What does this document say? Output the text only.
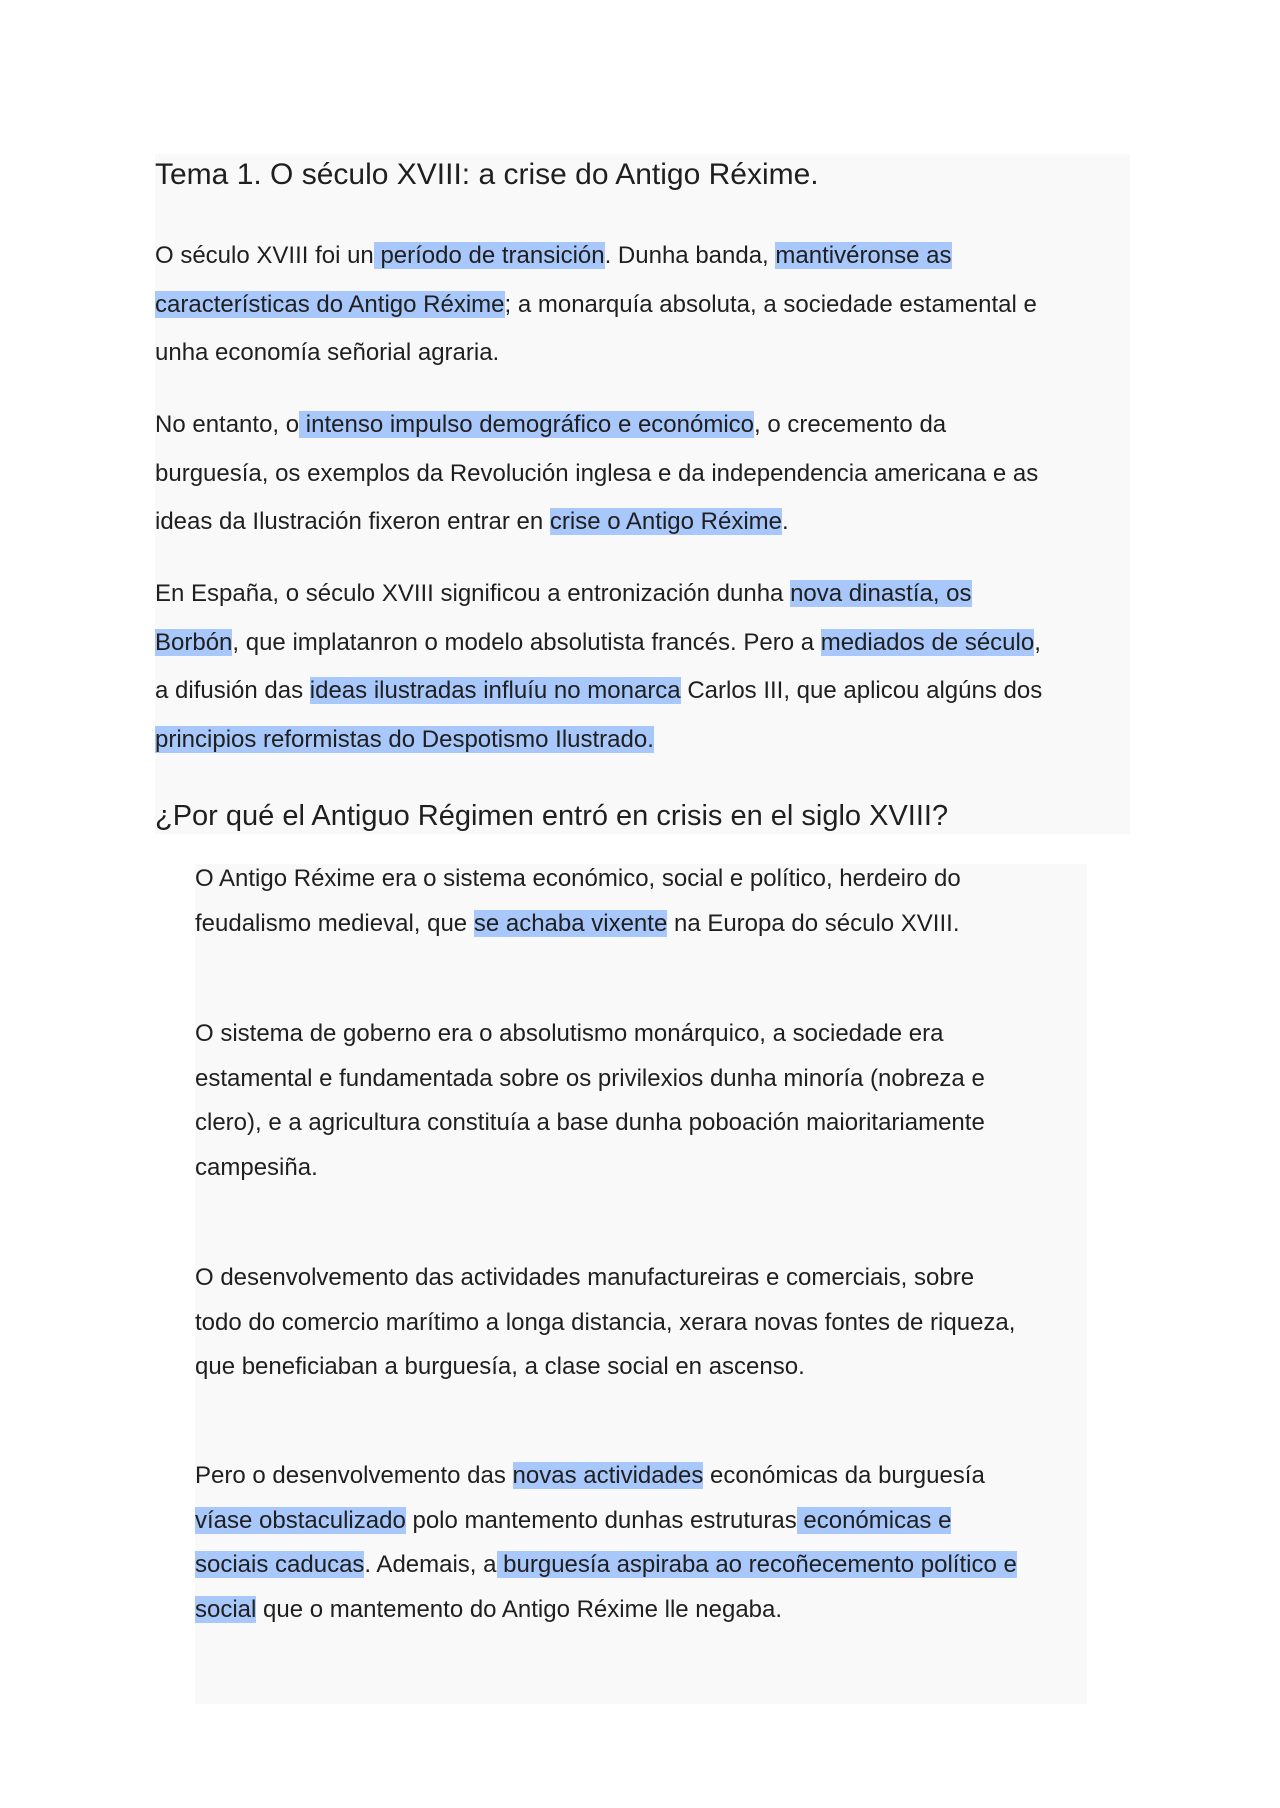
Tema 1. O século XVIII: a crise do Antigo Réxime.

O século XVIII foi un período de transición. Dunha banda, mantivéronse as
características do Antigo Réxime; a monarquía absoluta, a sociedade estamental e
unha economía señorial agraria.

No entanto, o intenso impulso demográfico e económico, o crecemento da
burguesía, os exemplos da Revolución inglesa e da independencia americana e as
ideas da Ilustración fixeron entrar en crise o Antigo Réxime.

En España, o século XVIII significou a entronización dunha nova dinastía, os
Borbón, que implatanron o modelo absolutista francés. Pero a mediados de século,
a difusión das ideas ilustradas influíu no monarca Carlos III, que aplicou algúns dos
principios reformistas do Despotismo Ilustrado.

¿Por qué el Antiguo Régimen entró en crisis en el siglo XVIII?

O Antigo Réxime era o sistema económico, social e político, herdeiro do
feudalismo medieval, que se achaba vixente na Europa do século XVIII.

O sistema de goberno era o absolutismo monárquico, a sociedade era
estamental e fundamentada sobre os privilexios dunha minoría (nobreza e
clero), e a agricultura constituía a base dunha poboación maioritariamente
campesiña.

O desenvolvemento das actividades manufactureiras e comerciais, sobre
todo do comercio marítimo a longa distancia, xerara novas fontes de riqueza,
que beneficiaban a burguesía, a clase social en ascenso.

Pero o desenvolvemento das novas actividades económicas da burguesía
víase obstaculizado polo mantemento dunhas estruturas económicas e
sociais caducas. Ademais, a burguesía aspiraba ao recoñecemento político e
social que o mantemento do Antigo Réxime lle negaba.
